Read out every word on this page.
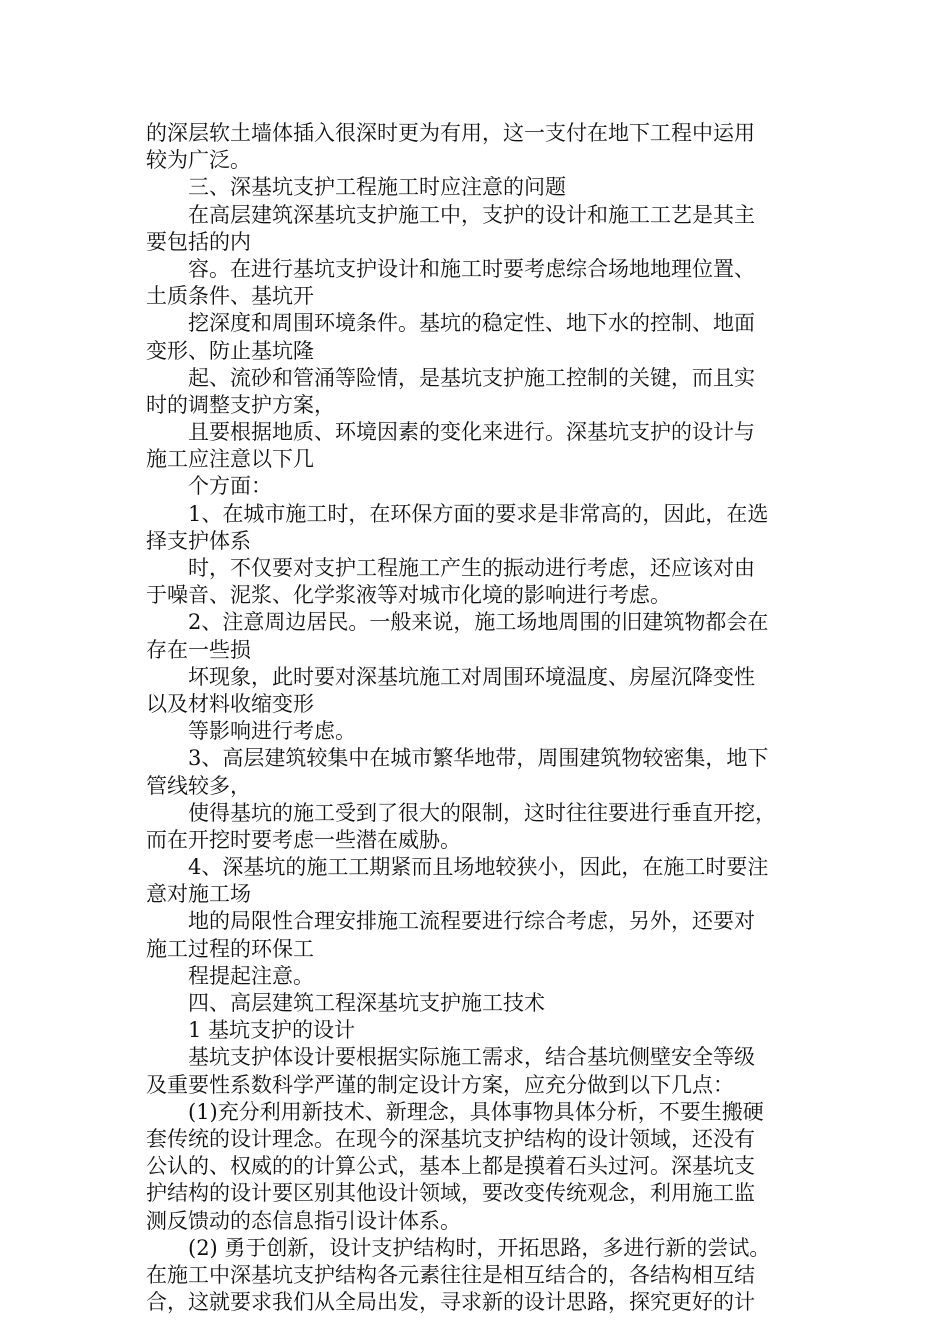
的深层软土墙体插入很深时更为有用，这一支付在地下工程中运用
较为广泛。
三、深基坑支护工程施工时应注意的问题
在高层建筑深基坑支护施工中，支护的设计和施工工艺是其主
要包括的内
容。在进行基坑支护设计和施工时要考虑综合场地地理位置、
土质条件、基坑开
挖深度和周围环境条件。基坑的稳定性、地下水的控制、地面
变形、防止基坑隆
起、流砂和管涌等险情，是基坑支护施工控制的关键，而且实
时的调整支护方案，
且要根据地质、环境因素的变化来进行。深基坑支护的设计与
施工应注意以下几
个方面：
1、在城市施工时，在环保方面的要求是非常高的，因此，在选
择支护体系
时，不仅要对支护工程施工产生的振动进行考虑，还应该对由
于噪音、泥浆、化学浆液等对城市化境的影响进行考虑。
2、注意周边居民。一般来说，施工场地周围的旧建筑物都会在
存在一些损
坏现象，此时要对深基坑施工对周围环境温度、房屋沉降变性
以及材料收缩变形
等影响进行考虑。
3、高层建筑较集中在城市繁华地带，周围建筑物较密集，地下
管线较多，
使得基坑的施工受到了很大的限制，这时往往要进行垂直开挖，
而在开挖时要考虑一些潜在威胁。
4、深基坑的施工工期紧而且场地较狭小，因此，在施工时要注
意对施工场
地的局限性合理安排施工流程要进行综合考虑，另外，还要对
施工过程的环保工
程提起注意。
四、高层建筑工程深基坑支护施工技术
1 基坑支护的设计
基坑支护体设计要根据实际施工需求，结合基坑侧壁安全等级
及重要性系数科学严谨的制定设计方案，应充分做到以下几点：
(1)充分利用新技术、新理念，具体事物具体分析，不要生搬硬
套传统的设计理念。在现今的深基坑支护结构的设计领域，还没有
公认的、权威的的计算公式，基本上都是摸着石头过河。深基坑支
护结构的设计要区别其他设计领域，要改变传统观念，利用施工监
测反馈动的态信息指引设计体系。
(2) 勇于创新，设计支护结构时，开拓思路，多进行新的尝试。
在施工中深基坑支护结构各元素往往是相互结合的，各结构相互结
合，这就要求我们从全局出发，寻求新的设计思路，探究更好的计
